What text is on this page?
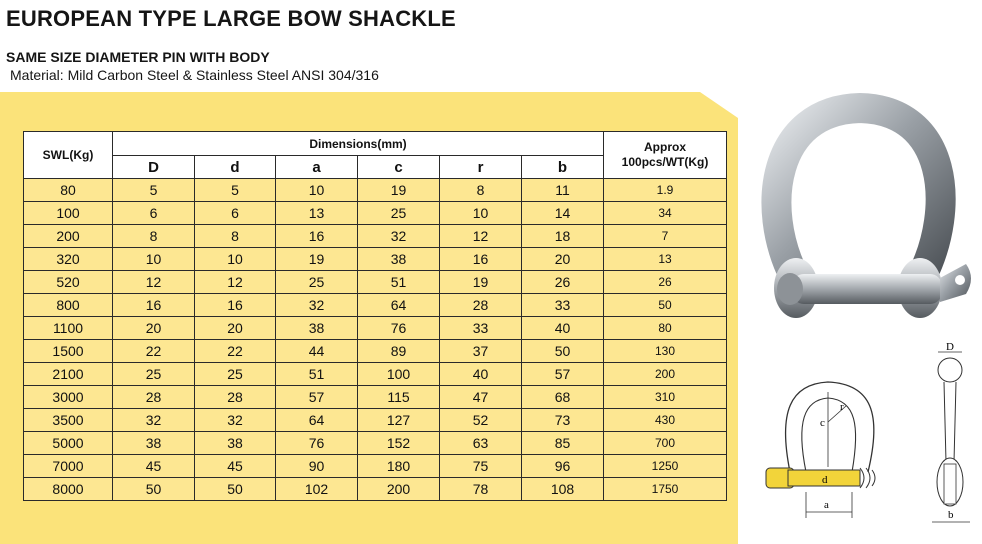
EUROPEAN TYPE LARGE BOW SHACKLE
SAME SIZE DIAMETER PIN WITH BODY

Material: Mild Carbon Steel & Stainless Steel ANSI 304/316

SWL(Kg)	Dimensions(mm)						Approx
100pcs/WT(Kg)
	D	d	a	c	r	b	
80	5	5	10	19	8	11	1.9
100	6	6	13	25	10	14	34
200	8	8	16	32	12	18	7
320	10	10	19	38	16	20	13
520	12	12	25	51	19	26	26
800	16	16	32	64	28	33	50
1100	20	20	38	76	33	40	80
1500	22	22	44	89	37	50	130
2100	25	25	51	100	40	57	200
3000	28	28	57	115	47	68	310
3500	32	32	64	127	52	73	430
5000	38	38	76	152	63	85	700
7000	45	45	90	180	75	96	1250
8000	50	50	102	200	78	108	1750
a
c
r
d
D
b
